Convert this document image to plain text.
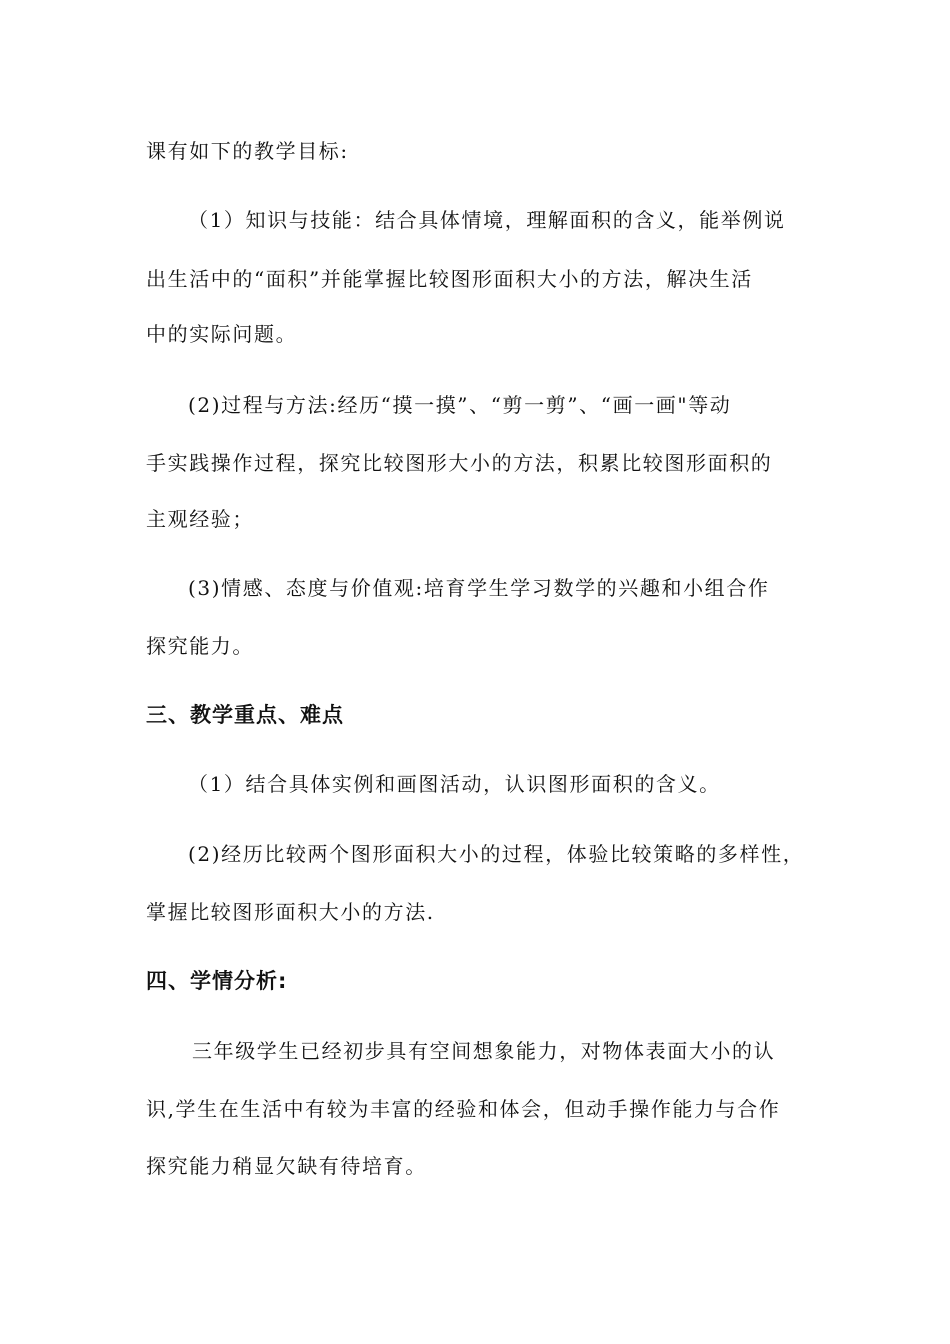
课有如下的教学目标:
（1）知识与技能：结合具体情境，理解面积的含义，能举例说
出生活中的“面积”并能掌握比较图形面积大小的方法，解决生活
中的实际问题。
(2)过程与方法:经历“摸一摸”、“剪一剪”、“画一画"等动
手实践操作过程，探究比较图形大小的方法，积累比较图形面积的
主观经验；
(3)情感、态度与价值观:培育学生学习数学的兴趣和小组合作
探究能力。
三、教学重点、难点
（1）结合具体实例和画图活动，认识图形面积的含义。
(2)经历比较两个图形面积大小的过程，体验比较策略的多样性，
掌握比较图形面积大小的方法.
四、学情分析:
三年级学生已经初步具有空间想象能力，对物体表面大小的认
识,学生在生活中有较为丰富的经验和体会，但动手操作能力与合作
探究能力稍显欠缺有待培育。
